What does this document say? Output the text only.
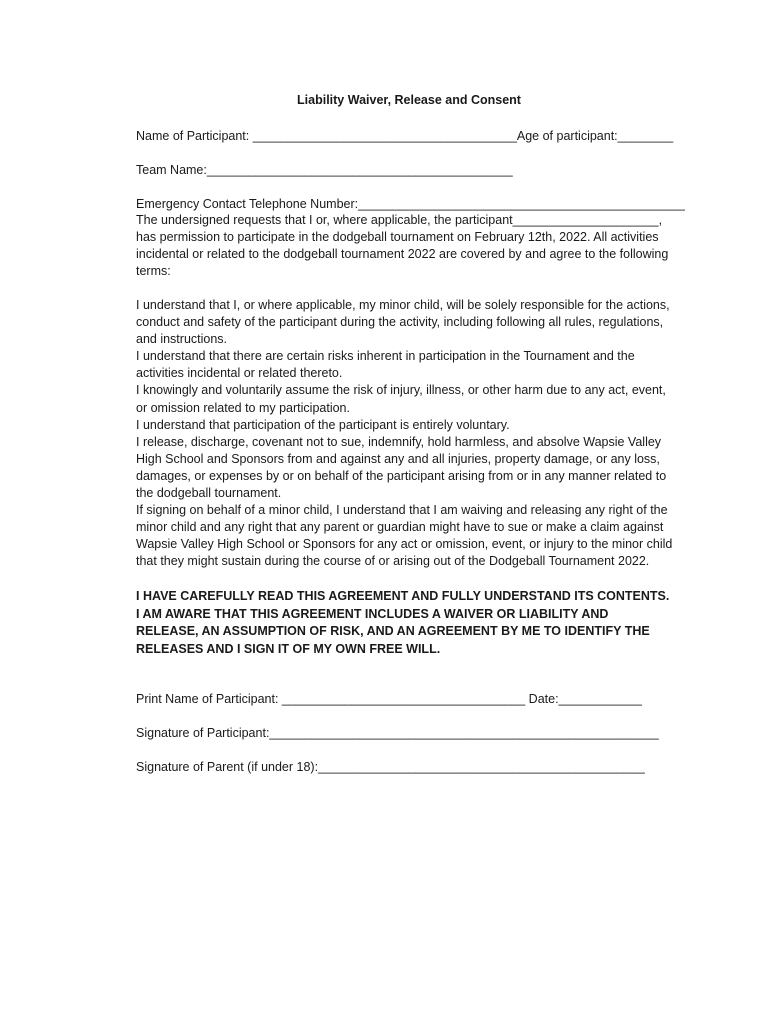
Liability Waiver, Release and Consent

Name of Participant: ______________________________________Age of participant:________

Team Name:____________________________________________

Emergency Contact Telephone Number:_______________________________________________

The undersigned requests that I or, where applicable, the participant_____________________,

has permission to participate in the dodgeball tournament on February 12th, 2022. All activities

incidental or related to the dodgeball tournament 2022 are covered by and agree to the following

terms:

I understand that I, or where applicable, my minor child, will be solely responsible for the actions,

conduct and safety of the participant during the activity, including following all rules, regulations,

and instructions.

I understand that there are certain risks inherent in participation in the Tournament and the

activities incidental or related thereto.

I knowingly and voluntarily assume the risk of injury, illness, or other harm due to any act, event,

or omission related to my participation.

I understand that participation of the participant is entirely voluntary.

I release, discharge, covenant not to sue, indemnify, hold harmless, and absolve Wapsie Valley

High School and Sponsors from and against any and all injuries, property damage, or any loss,

damages, or expenses by or on behalf of the participant arising from or in any manner related to

the dodgeball tournament.

If signing on behalf of a minor child, I understand that I am waiving and releasing any right of the

minor child and any right that any parent or guardian might have to sue or make a claim against

Wapsie Valley High School or Sponsors for any act or omission, event, or injury to the minor child

that they might sustain during the course of or arising out of the Dodgeball Tournament 2022.

I HAVE CAREFULLY READ THIS AGREEMENT AND FULLY UNDERSTAND ITS CONTENTS.

I AM AWARE THAT THIS AGREEMENT INCLUDES A WAIVER OR LIABILITY AND

RELEASE, AN ASSUMPTION OF RISK, AND AN AGREEMENT BY ME TO IDENTIFY THE

RELEASES AND I SIGN IT OF MY OWN FREE WILL.

Print Name of Participant: ___________________________________ Date:____________

Signature of Participant:________________________________________________________

Signature of Parent (if under 18):_______________________________________________
